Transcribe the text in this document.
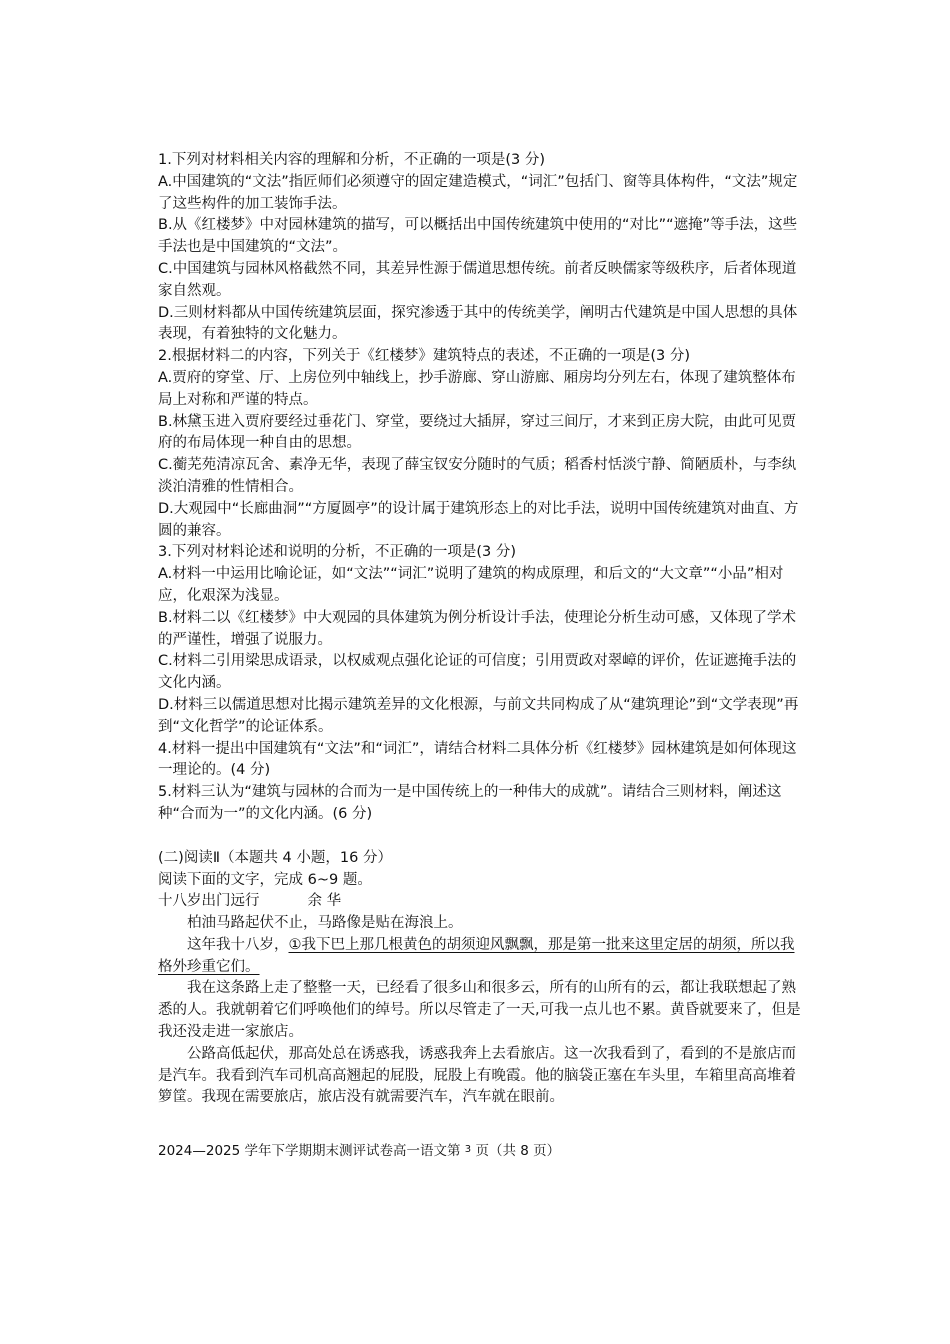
1.下列对材料相关内容的理解和分析，不正确的一项是(3 分)

A.中国建筑的“文法”指匠师们必须遵守的固定建造模式，“词汇”包括门、窗等具体构件，“文法”规定了这些构件的加工装饰手法。

B.从《红楼梦》中对园林建筑的描写，可以概括出中国传统建筑中使用的“对比”“遮掩”等手法，这些手法也是中国建筑的“文法”。

C.中国建筑与园林风格截然不同，其差异性源于儒道思想传统。前者反映儒家等级秩序，后者体现道家自然观。

D.三则材料都从中国传统建筑层面，探究渗透于其中的传统美学，阐明古代建筑是中国人思想的具体表现，有着独特的文化魅力。

2.根据材料二的内容，下列关于《红楼梦》建筑特点的表述，不正确的一项是(3 分)

A.贾府的穿堂、厅、上房位列中轴线上，抄手游廊、穿山游廊、厢房均分列左右，体现了建筑整体布局上对称和严谨的特点。

B.林黛玉进入贾府要经过垂花门、穿堂，要绕过大插屏，穿过三间厅，才来到正房大院，由此可见贾府的布局体现一种自由的思想。

C.蘅芜苑清凉瓦舍、素净无华，表现了薛宝钗安分随时的气质；稻香村恬淡宁静、简陋质朴，与李纨淡泊清雅的性情相合。

D.大观园中“长廊曲洞”“方厦圆亭”的设计属于建筑形态上的对比手法，说明中国传统建筑对曲直、方圆的兼容。

3.下列对材料论述和说明的分析，不正确的一项是(3 分)

A.材料一中运用比喻论证，如“文法”“词汇”说明了建筑的构成原理，和后文的“大文章”“小品”相对应，化艰深为浅显。

B.材料二以《红楼梦》中大观园的具体建筑为例分析设计手法，使理论分析生动可感，又体现了学术的严谨性，增强了说服力。

C.材料二引用梁思成语录，以权威观点强化论证的可信度；引用贾政对翠嶂的评价，佐证遮掩手法的文化内涵。

D.材料三以儒道思想对比揭示建筑差异的文化根源，与前文共同构成了从“建筑理论”到“文学表现”再到“文化哲学”的论证体系。

4.材料一提出中国建筑有“文法”和“词汇”，请结合材料二具体分析《红楼梦》园林建筑是如何体现这一理论的。(4 分)

5.材料三认为“建筑与园林的合而为一是中国传统上的一种伟大的成就”。请结合三则材料，阐述这种“合而为一”的文化内涵。(6 分)

(二)阅读Ⅱ（本题共 4 小题，16 分）

阅读下面的文字，完成 6~9 题。

十八岁出门远行	余 华

柏油马路起伏不止，马路像是贴在海浪上。

这年我十八岁，①我下巴上那几根黄色的胡须迎风飘飘，那是第一批来这里定居的胡须，所以我格外珍重它们。

我在这条路上走了整整一天，已经看了很多山和很多云，所有的山所有的云，都让我联想起了熟悉的人。我就朝着它们呼唤他们的绰号。所以尽管走了一天,可我一点儿也不累。黄昏就要来了，但是我还没走进一家旅店。

公路高低起伏，那高处总在诱惑我，诱惑我奔上去看旅店。这一次我看到了，看到的不是旅店而是汽车。我看到汽车司机高高翘起的屁股，屁股上有晚霞。他的脑袋正塞在车头里，车箱里高高堆着箩筐。我现在需要旅店，旅店没有就需要汽车，汽车就在眼前。

2024—2025 学年下学期期末测评试卷高一语文第 $^3$ 页（共 8 页）
